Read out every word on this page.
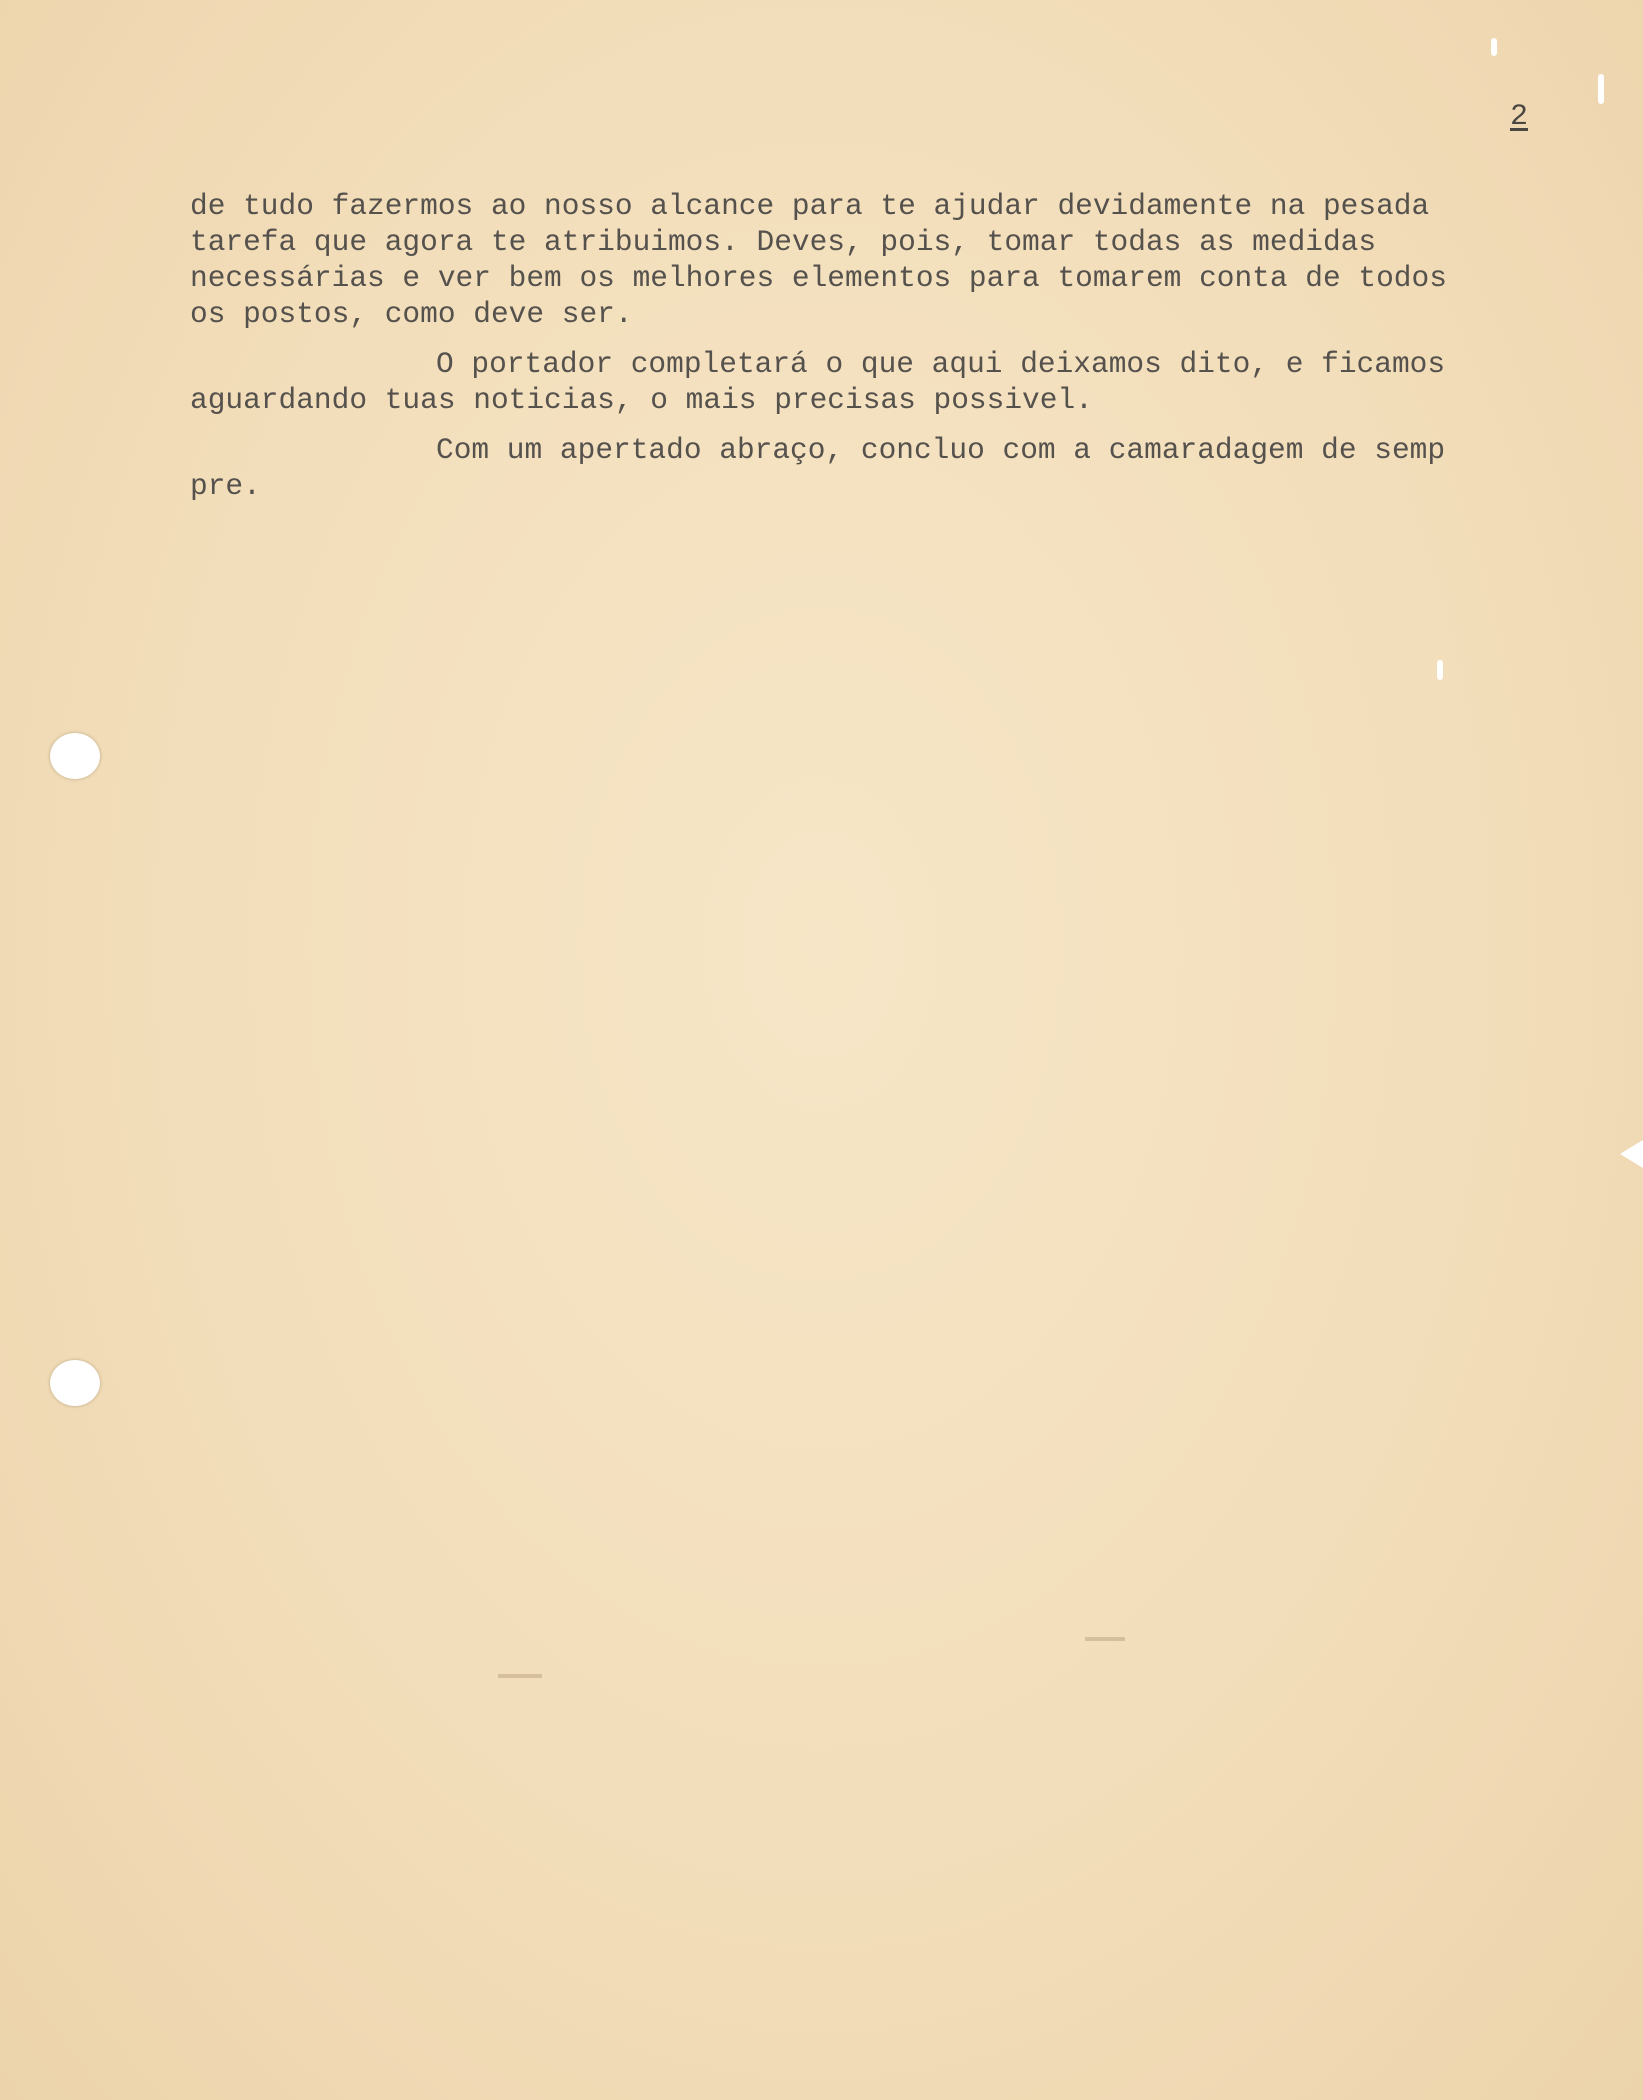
2
de tudo fazermos ao nosso alcance para te ajudar devidamente na pesada
tarefa que agora te atribuimos. Deves, pois, tomar todas as medidas
necessárias e ver bem os melhores elementos para tomarem conta de todos
os postos, como deve ser.
O portador completará o que aqui deixamos dito, e ficamos
aguardando tuas noticias, o mais precisas possivel.
Com um apertado abraço, concluo com a camaradagem de semp
pre.
